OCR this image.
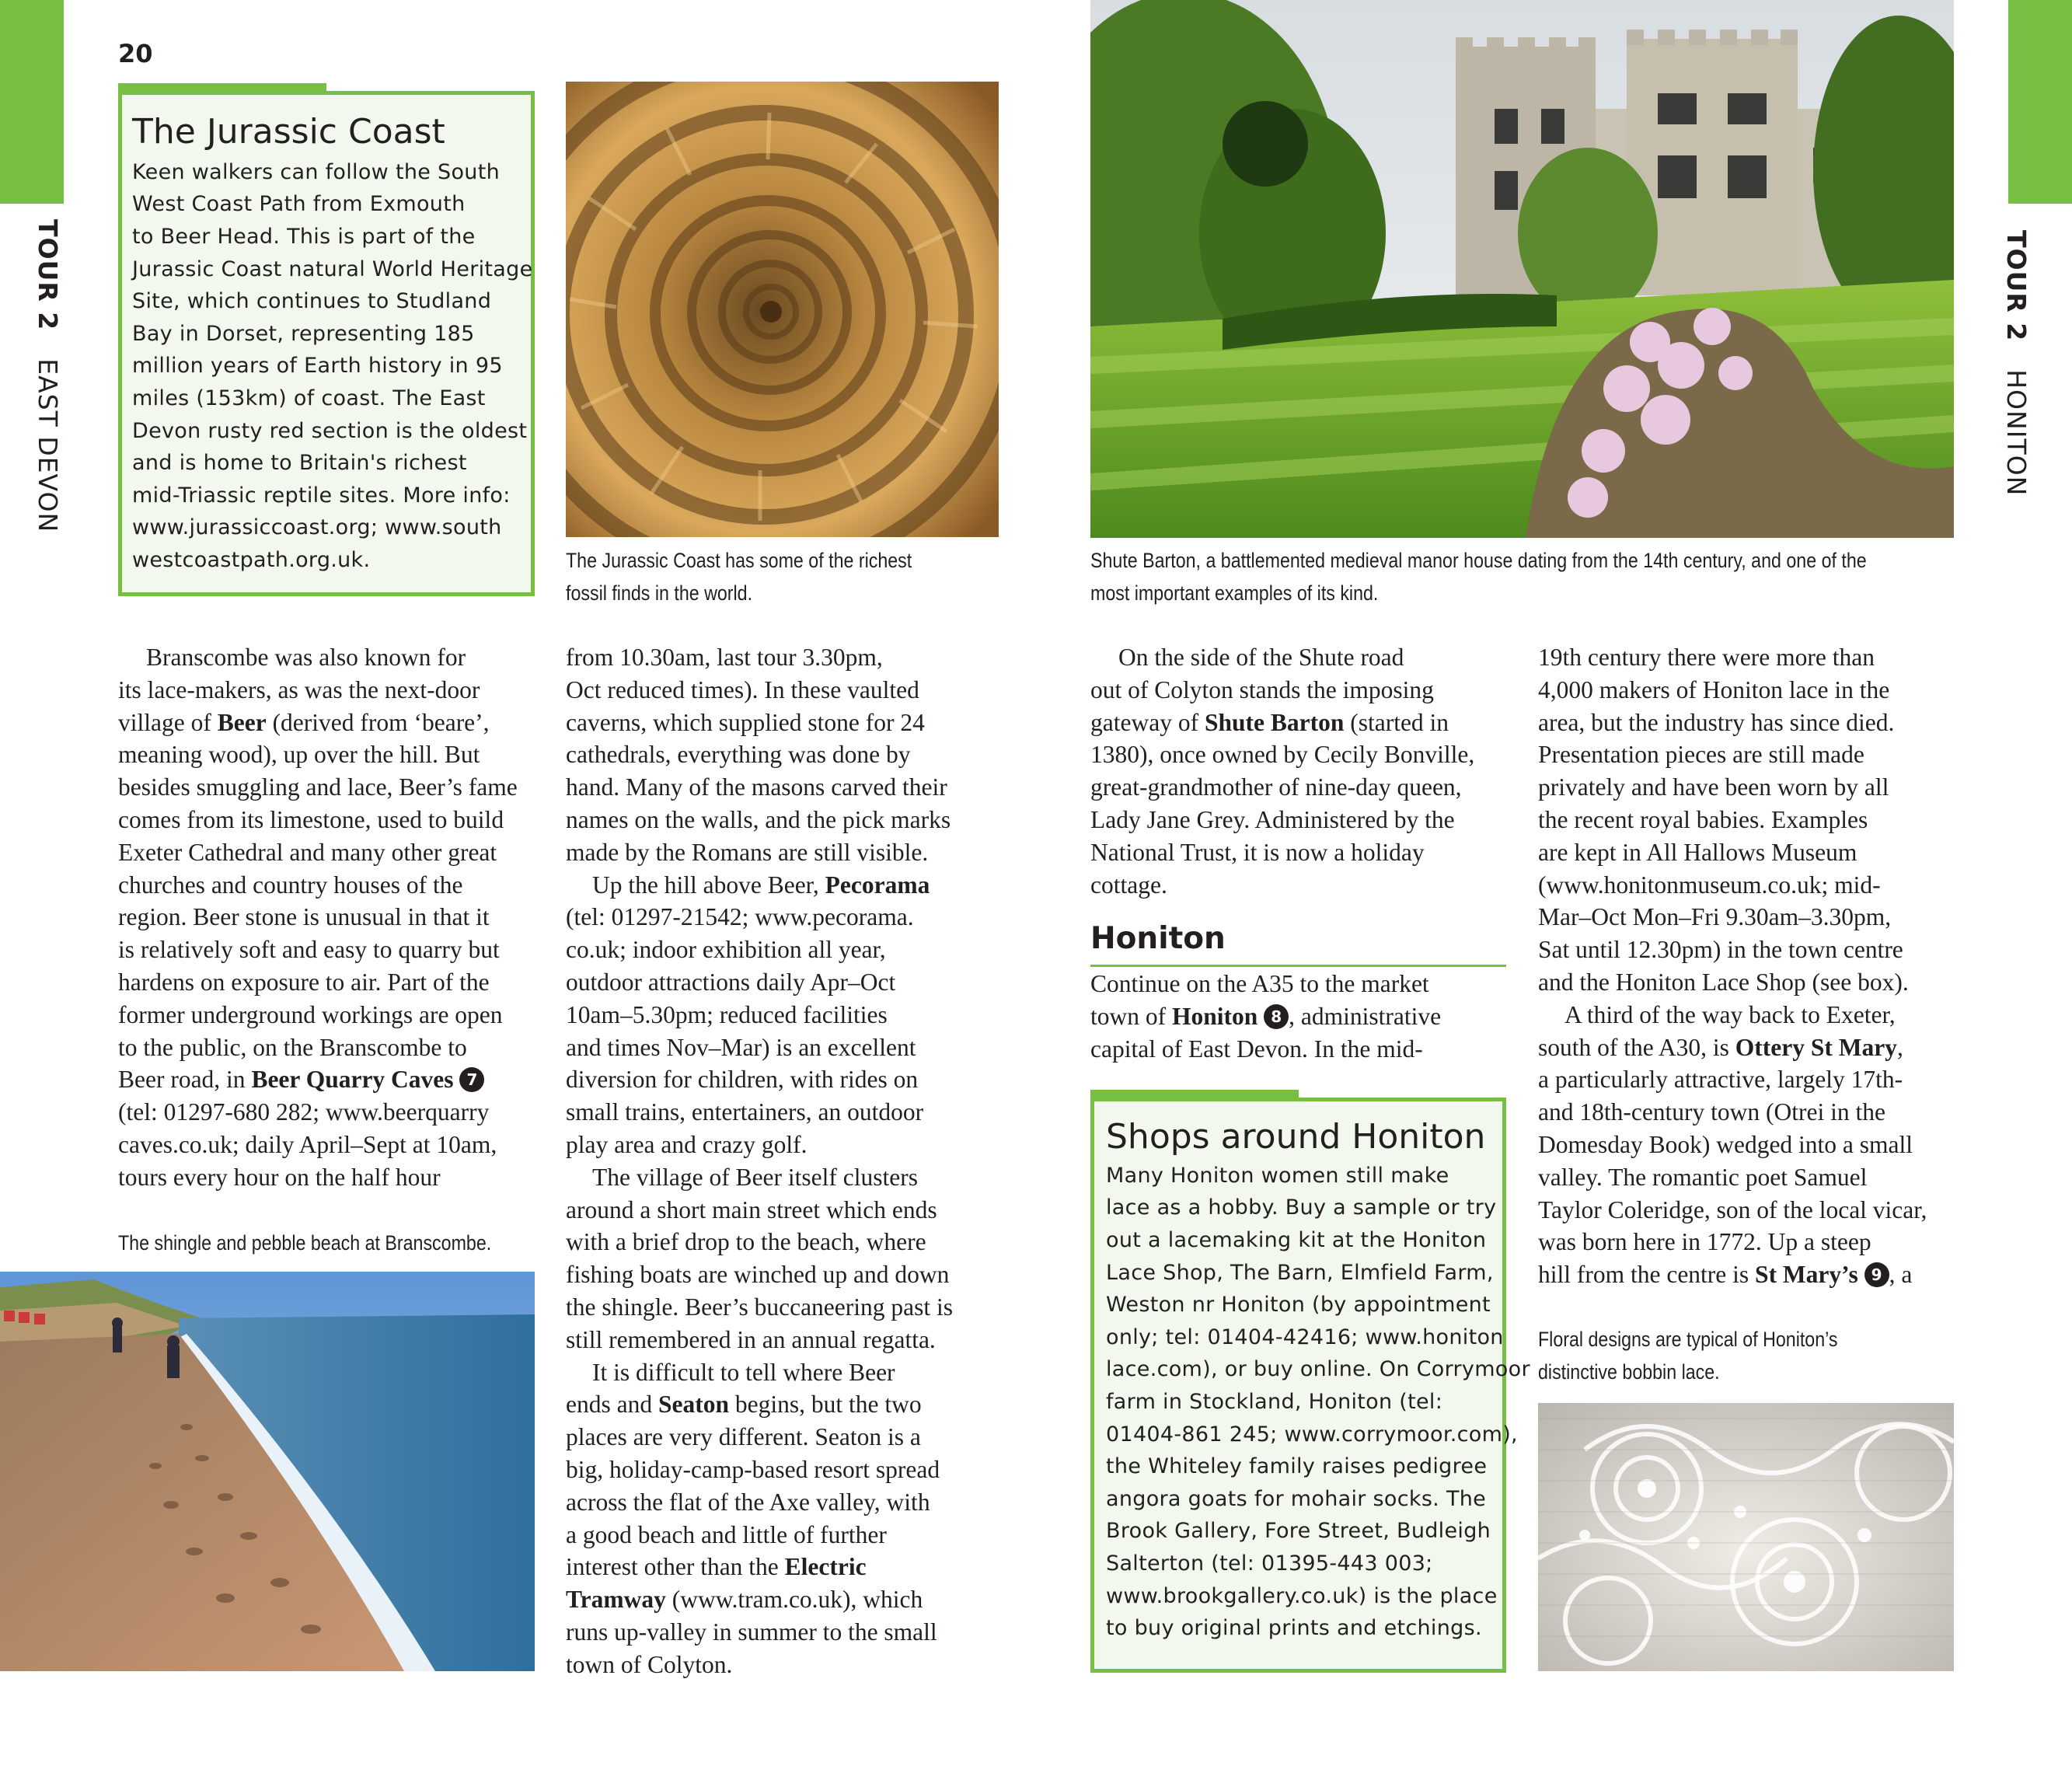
TOUR 2EAST DEVON
TOUR 2HONITON
20
The Jurassic Coast

Keen walkers can follow the South

West Coast Path from Exmouth

to Beer Head. This is part of the

Jurassic Coast natural World Heritage

Site, which continues to Studland

Bay in Dorset, representing 185

million years of Earth history in 95

miles (153km) of coast. The East

Devon rusty red section is the oldest

and is home to Britain's richest

mid-Triassic reptile sites. More info:

www.jurassiccoast.org; www.south

westcoastpath.org.uk.	The Jurassic Coast has some of the richest

fossil finds in the world.

Shute Barton, a battlemented medieval manor house dating from the 14th century, and one of the

most important examples of its kind.

Branscombe was also known for

its lace-makers, as was the next-door

village of Beer (derived from ‘beare’,

meaning wood), up over the hill. But

besides smuggling and lace, Beer’s fame

comes from its limestone, used to build

Exeter Cathedral and many other great

churches and country houses of the

region. Beer stone is unusual in that it

is relatively soft and easy to quarry but

hardens on exposure to air. Part of the

former underground workings are open

to the public, on the Branscombe to

Beer road, in Beer Quarry Caves 7

(tel: 01297-680 282; www.beerquarry

caves.co.uk; daily April–Sept at 10am,

tours every hour on the half hour

The shingle and pebble beach at Branscombe.

from 10.30am, last tour 3.30pm,

Oct reduced times). In these vaulted

caverns, which supplied stone for 24

cathedrals, everything was done by

hand. Many of the masons carved their

names on the walls, and the pick marks

made by the Romans are still visible.

Up the hill above Beer, Pecorama

(tel: 01297-21542; www.pecorama.

co.uk; indoor exhibition all year,

outdoor attractions daily Apr–Oct

10am–5.30pm; reduced facilities

and times Nov–Mar) is an excellent

diversion for children, with rides on

small trains, entertainers, an outdoor

play area and crazy golf.

The village of Beer itself clusters

around a short main street which ends

with a brief drop to the beach, where

fishing boats are winched up and down

the shingle. Beer’s buccaneering past is

still remembered in an annual regatta.

It is difficult to tell where Beer

ends and Seaton begins, but the two

places are very different. Seaton is a

big, holiday-camp-based resort spread

across the flat of the Axe valley, with

a good beach and little of further

interest other than the Electric

Tramway (www.tram.co.uk), which

runs up-valley in summer to the small

town of Colyton.

On the side of the Shute road

out of Colyton stands the imposing

gateway of Shute Barton (started in

1380), once owned by Cecily Bonville,

great-grandmother of nine-day queen,

Lady Jane Grey. Administered by the

National Trust, it is now a holiday

cottage.

Honiton

Continue on the A35 to the market

town of Honiton 8 , administrative

capital of East Devon. In the mid-

Shops around Honiton

Many Honiton women still make

lace as a hobby. Buy a sample or try

out a lacemaking kit at the Honiton

Lace Shop, The Barn, Elmfield Farm,

Weston nr Honiton (by appointment

only; tel: 01404-42416; www.honiton

lace.com), or buy online. On Corrymoor

farm in Stockland, Honiton (tel:

01404-861 245; www.corrymoor.com),

the Whiteley family raises pedigree

angora goats for mohair socks. The

Brook Gallery, Fore Street, Budleigh

Salterton (tel: 01395-443 003;

www.brookgallery.co.uk) is the place

to buy original prints and etchings.

19th century there were more than

4,000 makers of Honiton lace in the

area, but the industry has since died.

Presentation pieces are still made

privately and have been worn by all

the recent royal babies. Examples

are kept in All Hallows Museum

(www.honitonmuseum.co.uk; mid-

Mar–Oct Mon–Fri 9.30am–3.30pm,

Sat until 12.30pm) in the town centre

and the Honiton Lace Shop (see box).

A third of the way back to Exeter,

south of the A30, is Ottery St Mary,

a particularly attractive, largely 17th-

and 18th-century town (Otrei in the

Domesday Book) wedged into a small

valley. The romantic poet Samuel

Taylor Coleridge, son of the local vicar,

was born here in 1772. Up a steep

hill from the centre is St Mary’s 9 , a

Floral designs are typical of Honiton’s

distinctive bobbin lace.
